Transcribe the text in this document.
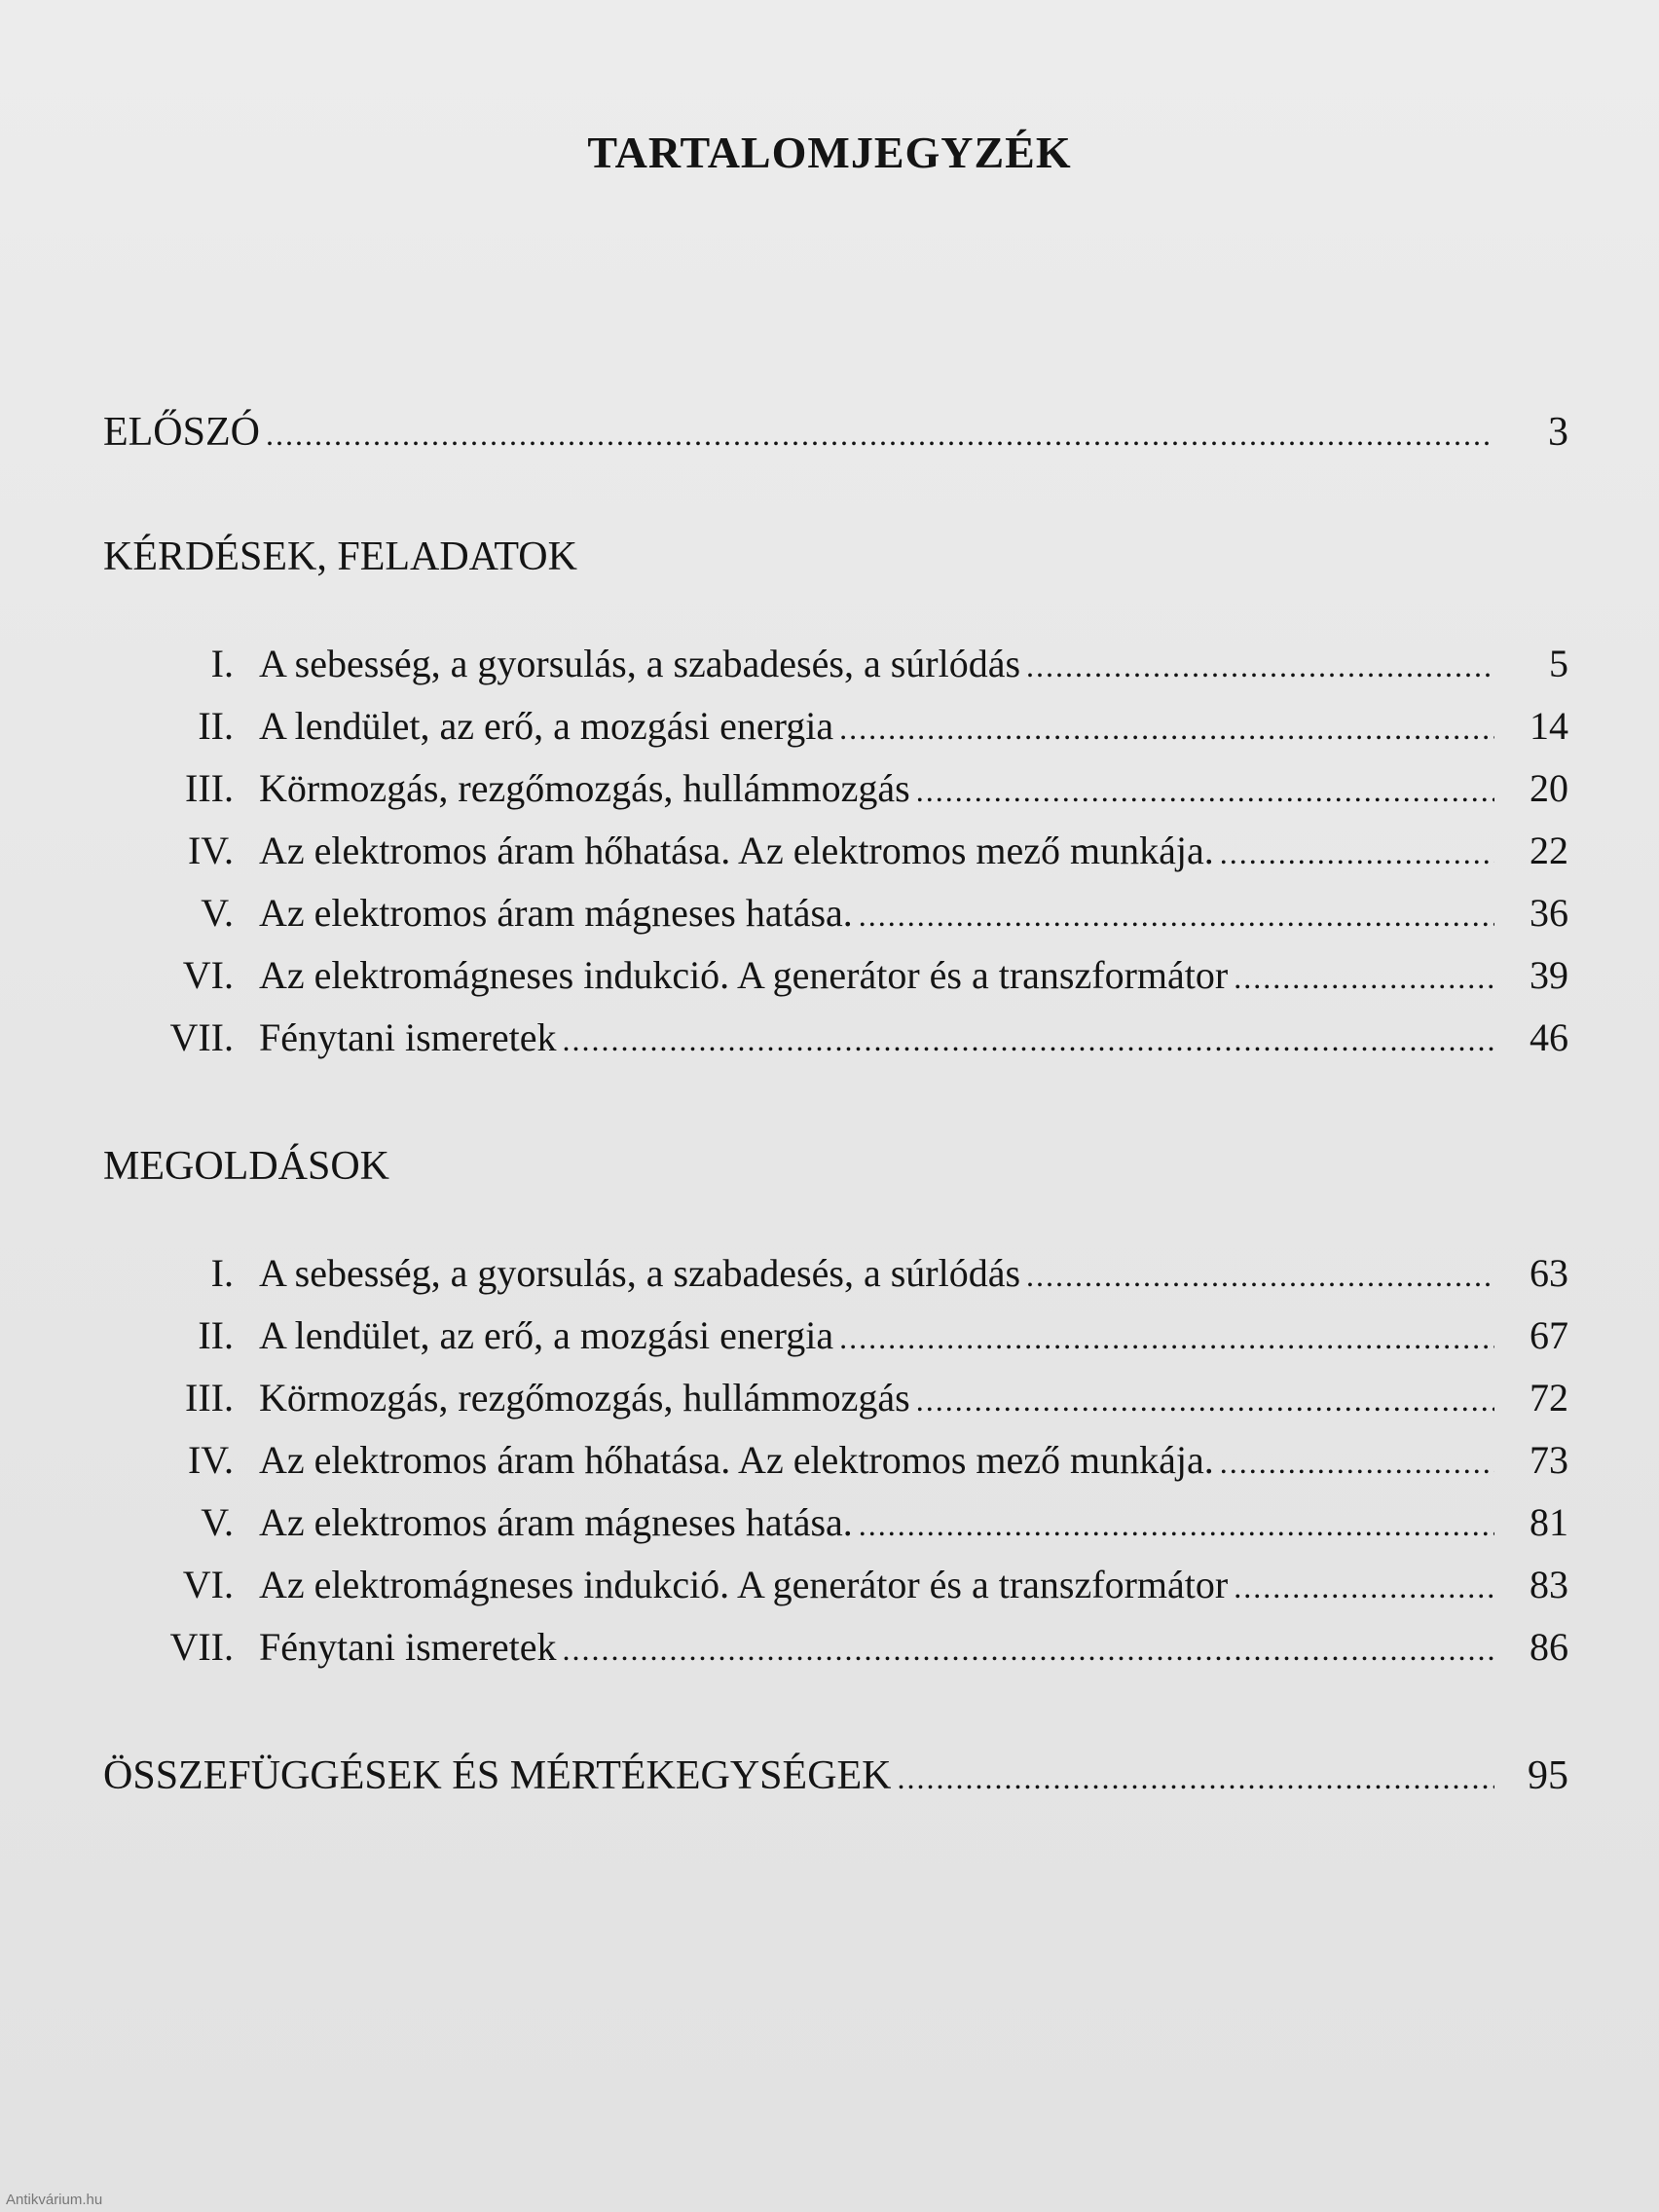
TARTALOMJEGYZÉK
ELŐSZÓ .....	3
KÉRDÉSEK, FELADATOK
I. A sebesség, a gyorsulás, a szabadesés, a súrlódás .....	5
II. A lendület, az erő, a mozgási energia .....	14
III. Körmozgás, rezgőmozgás, hullámmozgás .....	20
IV. Az elektromos áram hőhatása. Az elektromos mező munkája. .....	22
V. Az elektromos áram mágneses hatása. .....	36
VI. Az elektromágneses indukció. A generátor és a transzformátor .....	39
VII. Fénytani ismeretek .....	46
MEGOLDÁSOK
I. A sebesség, a gyorsulás, a szabadesés, a súrlódás .....	63
II. A lendület, az erő, a mozgási energia .....	67
III. Körmozgás, rezgőmozgás, hullámmozgás .....	72
IV. Az elektromos áram hőhatása. Az elektromos mező munkája. .....	73
V. Az elektromos áram mágneses hatása. .....	81
VI. Az elektromágneses indukció. A generátor és a transzformátor .....	83
VII. Fénytani ismeretek .....	86
ÖSSZEFÜGGÉSEK ÉS MÉRTÉKEGYSÉGEK .....	95
Antikvárium.hu
